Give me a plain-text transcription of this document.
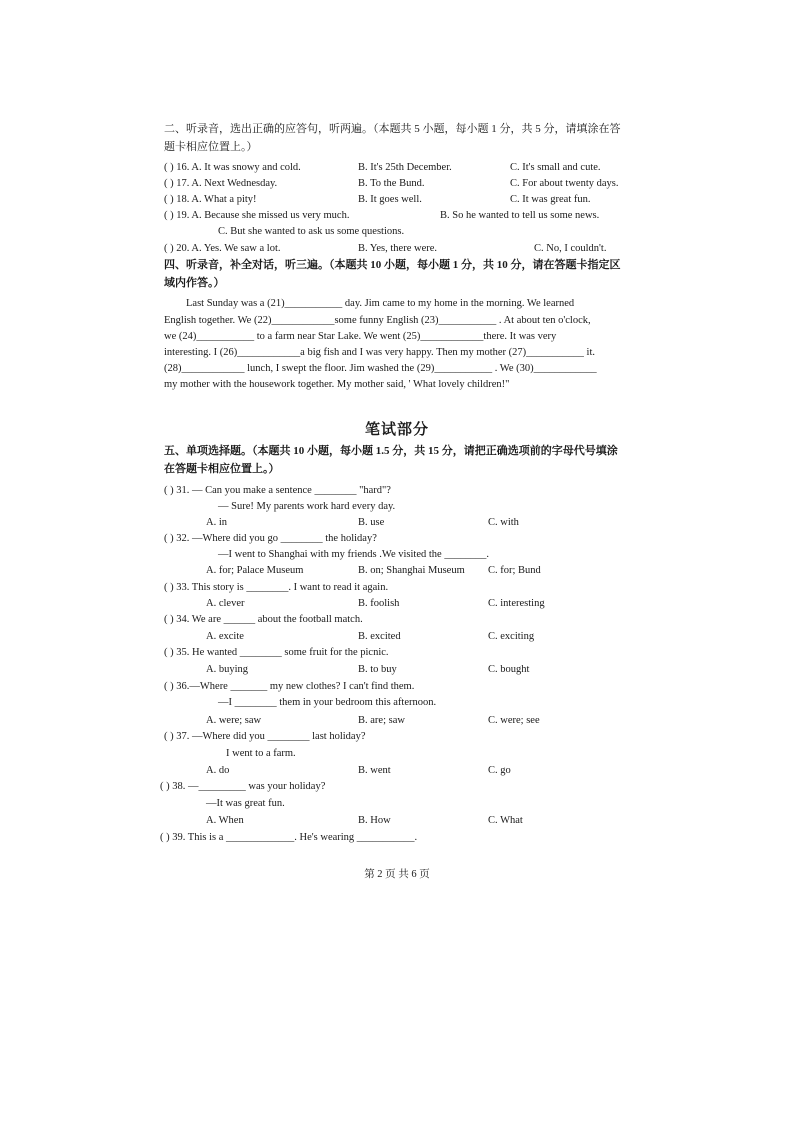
二、听录音，选出正确的应答句，听两遍。（本题共 5 小题，每小题 1 分，共 5 分，请填涂在答
题卡相应位置上。）
( ) 16. A. It was snowy and cold.	B. It's 25th December.	C. It's small and cute.
( ) 17. A. Next Wednesday.	B. To the Bund.	C. For about twenty days.
( ) 18. A. What a pity!	B. It goes well.	C. It was great fun.
( ) 19. A. Because she missed us very much.	B. So he wanted to tell us some news.
C. But she wanted to ask us some questions.
( ) 20. A. Yes. We saw a lot.	B. Yes, there were.	C. No, I couldn't.
四、听录音，补全对话，听三遍。（本题共 10 小题，每小题 1 分，共 10 分，请在答题卡指定区
域内作答。）
Last Sunday was a (21)___________ day. Jim came to my home in the morning. We learned
English together. We (22)____________some funny English (23)___________ . At about ten o'clock,
we (24)___________ to a farm near Star Lake. We went (25)____________there. It was very
interesting. I (26)____________a big fish and I was very happy. Then my mother (27)___________ it.
(28)____________ lunch, I swept the floor. Jim washed the (29)___________ . We (30)____________
my mother with the housework together. My mother said, ' What lovely children!"
笔试部分
五、单项选择题。（本题共 10 小题，每小题 1.5 分，共 15 分，请把正确选项前的字母代号填涂
在答题卡相应位置上。）
( ) 31. — Can you make a sentence ________ "hard"?
— Sure! My parents work hard every day.
A. in	B. use	C. with
( ) 32. —Where did you go ________ the holiday?
—I went to Shanghai with my friends .We visited the ________.
A. for; Palace Museum	B. on; Shanghai Museum C. for; Bund
( ) 33. This story is ________. I want to read it again.
A. clever	B. foolish	C. interesting
( ) 34. We are ______ about the football match.
A. excite	B. excited	C. exciting
( ) 35. He wanted ________ some fruit for the picnic.
A. buying	B. to buy	C. bought
( ) 36.—Where _______ my new clothes? I can't find them.
—I ________ them in your bedroom this afternoon.
A. were; saw	B. are; saw	C. were; see
( ) 37. —Where did you ________ last holiday?
I went to a farm.
A. do	B. went	C. go
( ) 38. —_________ was your holiday?
—It was great fun.
A. When	B. How	C. What
( ) 39. This is a _____________. He's wearing ___________.
第 2 页 共 6 页
